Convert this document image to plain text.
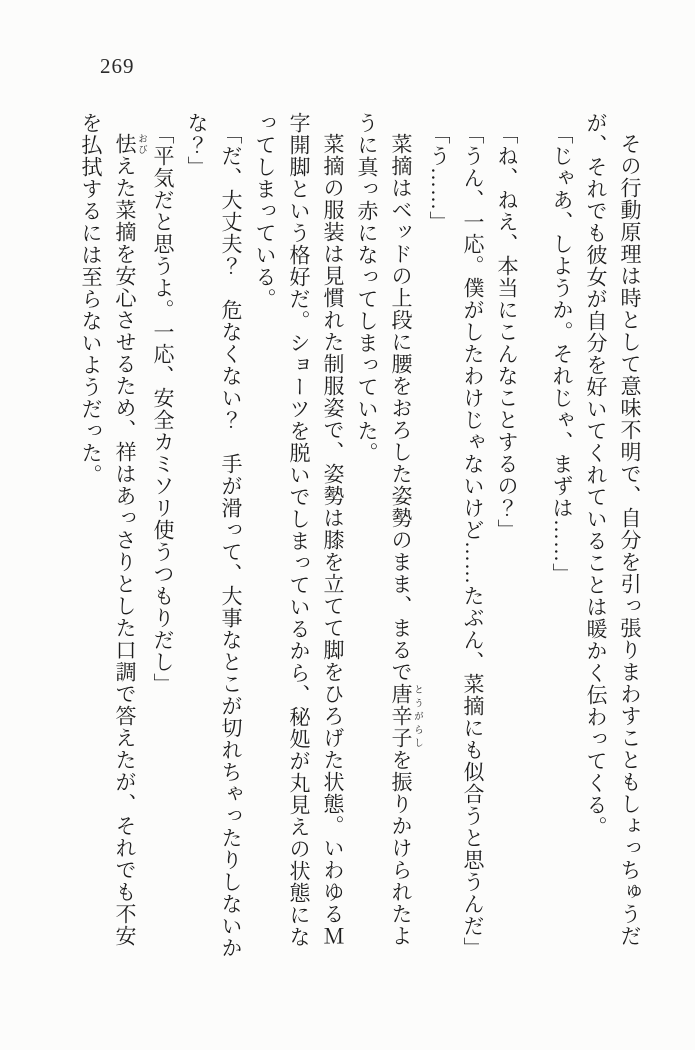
269

その行動原理は時として意味不明で、自分を引っ張りまわすこともしょっちゅうだが、それでも彼女が自分を好いてくれていることは暖かく伝わってくる。

「じゃあ、しようか。それじゃ、まずは……」

「ね、ねえ、本当にこんなことするの？」

「うん、一応。僕がしたわけじゃないけど……たぶん、菜摘にも似合うと思うんだ」

「う……」

菜摘はベッドの上段に腰をおろした姿勢のまま、まるで唐辛子 とうがらしを振りかけられたように真っ赤になってしまっていた。

菜摘の服装は見慣れた制服姿で、姿勢は膝を立てて脚をひろげた状態。いわゆるＭ字開脚という格好だ。ショーツを脱いでしまっているから、秘処が丸見えの状態になってしまっている。

「だ、大丈夫？　危なくない？　手が滑って、大事なとこが切れちゃったりしないかな？」

「平気だと思うよ。一応、安全カミソリ使うつもりだし」

怯 おびえた菜摘を安心させるため、祥はあっさりとした口調で答えたが、それでも不安を払拭するには至らないようだった。
